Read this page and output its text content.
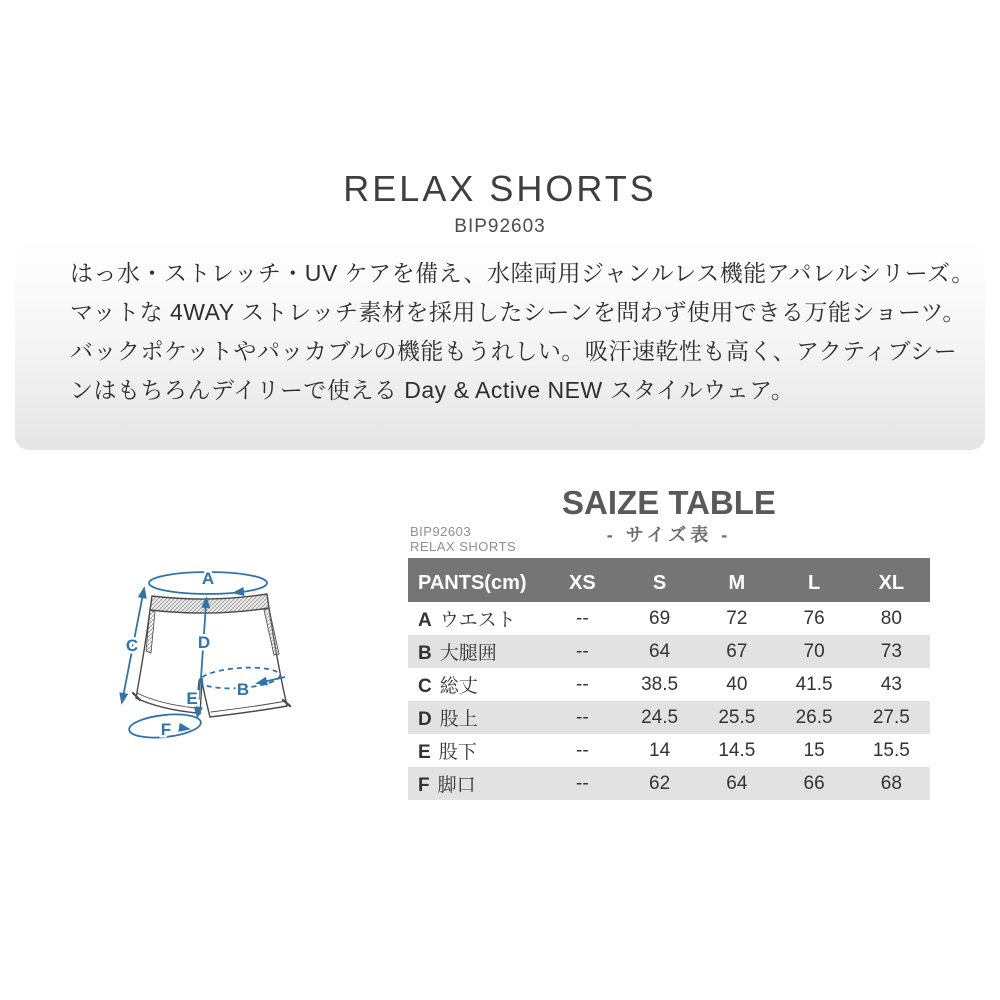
RELAX SHORTS
BIP92603
はっ水・ストレッチ・UV ケアを備え、水陸両用ジャンルレス機能アパレルシリーズ。
マットな 4WAY ストレッチ素材を採用したシーンを問わず使用できる万能ショーツ。
バックポケットやパッカブルの機能もうれしい。吸汗速乾性も高く、アクティブシー
ンはもちろんデイリーで使える Day & Active NEW スタイルウェア。
SAIZE TABLE
- サイズ表 -
BIP92603
RELAX SHORTS
PANTS(cm)	XS	S	M	L	XL
A ウエスト	--	69	72	76	80
B 大腿囲	--	64	67	70	73
C 総丈	--	38.5	40	41.5	43
D 股上	--	24.5	25.5	26.5	27.5
E 股下	--	14	14.5	15	15.5
F 脚口	--	62	64	66	68
A
C	D
E B
F
